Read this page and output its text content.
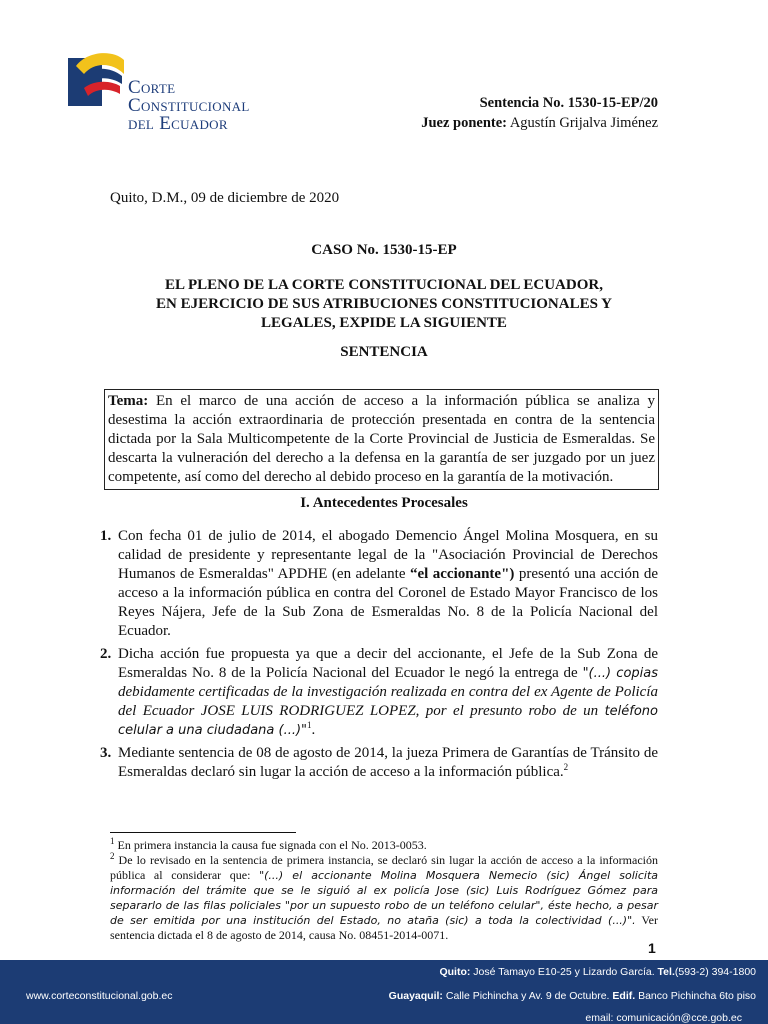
Corte
Constitucional
del Ecuador
Sentencia No. 1530-15-EP/20
Juez ponente: Agustín Grijalva Jiménez
Quito, D.M., 09 de diciembre de 2020
CASO No. 1530-15-EP
EL PLENO DE LA CORTE CONSTITUCIONAL DEL ECUADOR,
EN EJERCICIO DE SUS ATRIBUCIONES CONSTITUCIONALES Y
LEGALES, EXPIDE LA SIGUIENTE
SENTENCIA
Tema: En el marco de una acción de acceso a la información pública se analiza y desestima la acción extraordinaria de protección presentada en contra de la sentencia dictada por la Sala Multicompetente de la Corte Provincial de Justicia de Esmeraldas. Se descarta la vulneración del derecho a la defensa en la garantía de ser juzgado por un juez competente, así como del derecho al debido proceso en la garantía de la motivación.
I. Antecedentes Procesales
1. Con fecha 01 de julio de 2014, el abogado Demencio Ángel Molina Mosquera, en su calidad de presidente y representante legal de la "Asociación Provincial de Derechos Humanos de Esmeraldas" APDHE (en adelante “el accionante") presentó una acción de acceso a la información pública en contra del Coronel de Estado Mayor Francisco de los Reyes Nájera, Jefe de la Sub Zona de Esmeraldas No. 8 de la Policía Nacional del Ecuador.
2. Dicha acción fue propuesta ya que a decir del accionante, el Jefe de la Sub Zona de Esmeraldas No. 8 de la Policía Nacional del Ecuador le negó la entrega de "(...) copias debidamente certificadas de la investigación realizada en contra del ex Agente de Policía del Ecuador JOSE LUIS RODRIGUEZ LOPEZ, por el presunto robo de un teléfono celular a una ciudadana (...)"$^1$.
3. Mediante sentencia de 08 de agosto de 2014, la jueza Primera de Garantías de Tránsito de Esmeraldas declaró sin lugar la acción de acceso a la información pública.$^2$
$^1$ En primera instancia la causa fue signada con el No. 2013-0053.
$^2$ De lo revisado en la sentencia de primera instancia, se declaró sin lugar la acción de acceso a la información pública al considerar que: "(...) el accionante Molina Mosquera Nemecio (sic) Ángel solicita información del trámite que se le siguió al ex policía Jose (sic) Luis Rodríguez Gómez para separarlo de las filas policiales "por un supuesto robo de un teléfono celular", éste hecho, a pesar de ser emitida por una institución del Estado, no ataña (sic) a toda la colectividad (...)". Ver sentencia dictada el 8 de agosto de 2014, causa No. 08451-2014-0071.
1
Quito: José Tamayo E10-25 y Lizardo García. Tel.(593-2) 394-1800
www.corteconstitucional.gob.ec	Guayaquil: Calle Pichincha y Av. 9 de Octubre. Edif. Banco Pichincha 6to piso
email: comunicación@cce.gob.ec
